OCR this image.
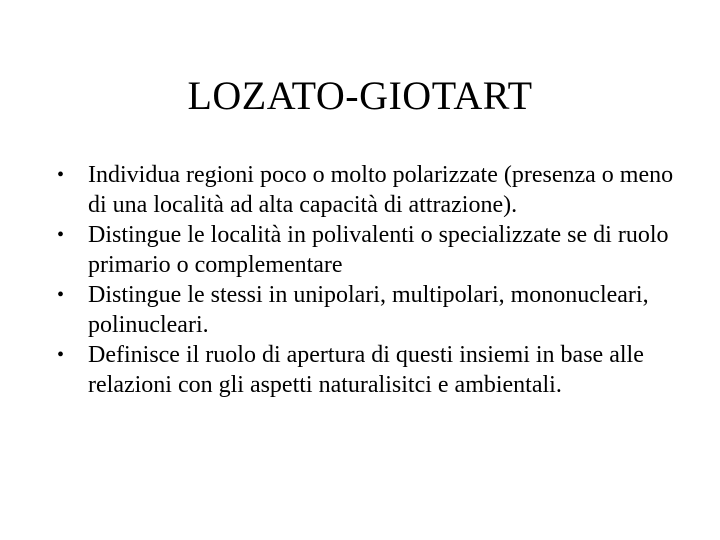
LOZATO-GIOTART
• Individua regioni poco o molto polarizzate (presenza o meno di una località ad alta capacità di attrazione).
• Distingue le località in polivalenti o specializzate se di ruolo primario o complementare
• Distingue le stessi in unipolari, multipolari, mononucleari, polinucleari.
• Definisce il ruolo di apertura di questi insiemi in base alle relazioni con gli aspetti naturalisitci e ambientali.
